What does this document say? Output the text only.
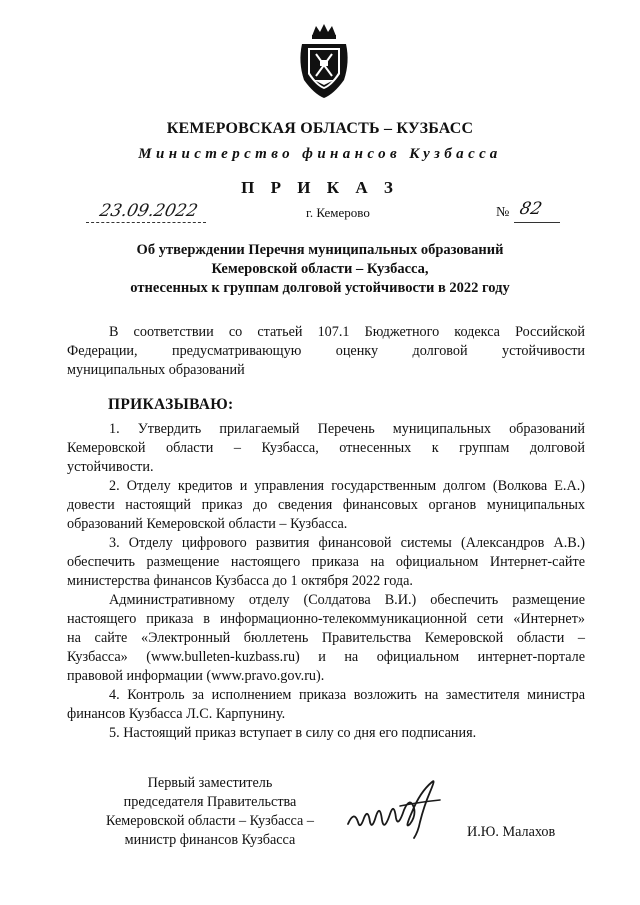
КЕМЕРОВСКАЯ ОБЛАСТЬ – КУЗБАСС
Министерство финансов Кузбасса
П Р И К А З
23.09.2022	г. Кемерово	№ 82
Об утверждении Перечня муниципальных образований
Кемеровской области – Кузбасса,
отнесенных к группам долговой устойчивости в 2022 году
В соответствии со статьей 107.1 Бюджетного кодекса Российской
Федерации, предусматривающую оценку долговой устойчивости
муниципальных образований
ПРИКАЗЫВАЮ:
1. Утвердить прилагаемый Перечень муниципальных образований
Кемеровской области – Кузбасса, отнесенных к группам долговой
устойчивости.
2. Отделу кредитов и управления государственным долгом (Волкова Е.А.)
довести настоящий приказ до сведения финансовых органов муниципальных
образований Кемеровской области – Кузбасса.
3. Отделу цифрового развития финансовой системы (Александров А.В.)
обеспечить размещение настоящего приказа на официальном Интернет-сайте
министерства финансов Кузбасса до 1 октября 2022 года.
Административному отделу (Солдатова В.И.) обеспечить размещение
настоящего приказа в информационно-телекоммуникационной сети «Интернет»
на сайте «Электронный бюллетень Правительства Кемеровской области –
Кузбасса» (www.bulleten-kuzbass.ru) и на официальном интернет-портале
правовой информации (www.pravo.gov.ru).
4. Контроль за исполнением приказа возложить на заместителя министра
финансов Кузбасса Л.С. Карпунину.
5. Настоящий приказ вступает в силу со дня его подписания.
Первый заместитель
председателя Правительства
Кемеровской области – Кузбасса –
министр финансов Кузбасса	И.Ю. Малахов
